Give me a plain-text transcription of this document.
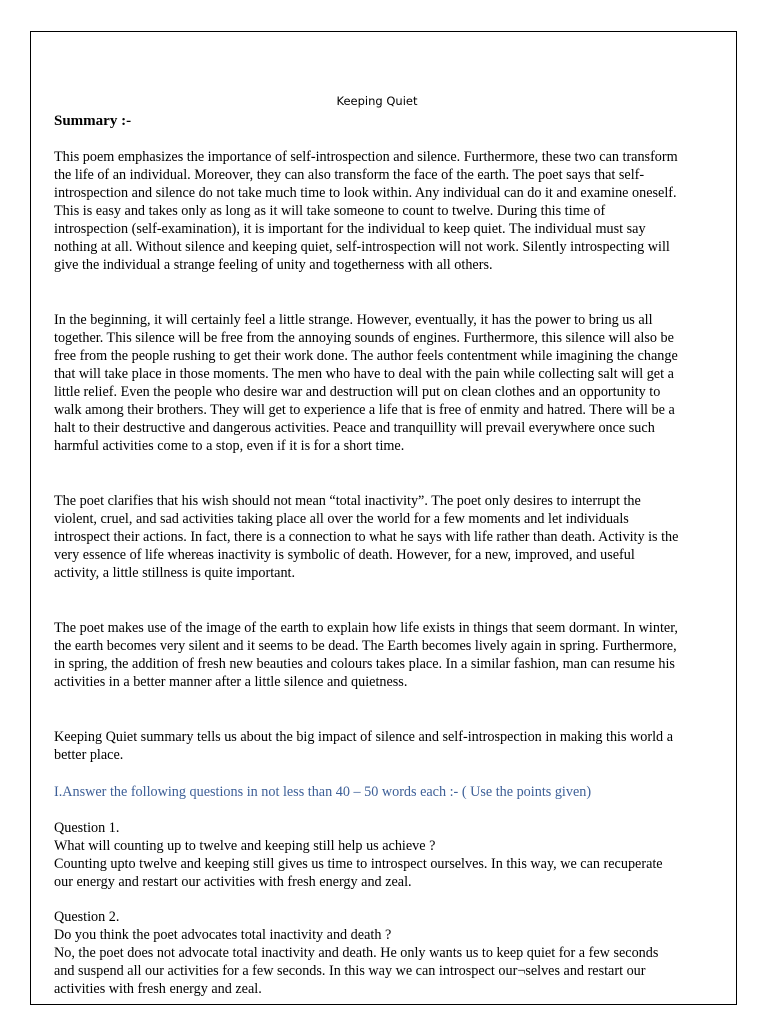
Keeping Quiet
Summary :-

This poem emphasizes the importance of self-introspection and silence. Furthermore, these two can transform the life of an individual. Moreover, they can also transform the face of the earth. The poet says that self-introspection and silence do not take much time to look within. Any individual can do it and examine oneself. This is easy and takes only as long as it will take someone to count to twelve. During this time of introspection (self-examination), it is important for the individual to keep quiet. The individual must say nothing at all. Without silence and keeping quiet, self-introspection will not work. Silently introspecting will give the individual a strange feeling of unity and togetherness with all others.

In the beginning, it will certainly feel a little strange. However, eventually, it has the power to bring us all together. This silence will be free from the annoying sounds of engines. Furthermore, this silence will also be free from the people rushing to get their work done. The author feels contentment while imagining the change that will take place in those moments. The men who have to deal with the pain while collecting salt will get a little relief. Even the people who desire war and destruction will put on clean clothes and an opportunity to walk among their brothers. They will get to experience a life that is free of enmity and hatred. There will be a halt to their destructive and dangerous activities. Peace and tranquillity will prevail everywhere once such harmful activities come to a stop, even if it is for a short time.

The poet clarifies that his wish should not mean “total inactivity”. The poet only desires to interrupt the violent, cruel, and sad activities taking place all over the world for a few moments and let individuals introspect their actions. In fact, there is a connection to what he says with life rather than death. Activity is the very essence of life whereas inactivity is symbolic of death. However, for a new, improved, and useful activity, a little stillness is quite important.

The poet makes use of the image of the earth to explain how life exists in things that seem dormant. In winter, the earth becomes very silent and it seems to be dead. The Earth becomes lively again in spring. Furthermore, in spring, the addition of fresh new beauties and colours takes place. In a similar fashion, man can resume his activities in a better manner after a little silence and quietness.

Keeping Quiet summary tells us about the big impact of silence and self-introspection in making this world a better place.

I.Answer the following questions in not less than 40 – 50 words each :- ( Use the points given)

Question 1.

What will counting up to twelve and keeping still help us achieve ?

Counting upto twelve and keeping still gives us time to introspect ourselves. In this way, we can recuperate our energy and restart our activities with fresh energy and zeal.

Question 2.

Do you think the poet advocates total inactivity and death ?

No, the poet does not advocate total inactivity and death. He only wants us to keep quiet for a few seconds and suspend all our activities for a few seconds. In this way we can introspect our¬selves and restart our activities with fresh energy and zeal.
